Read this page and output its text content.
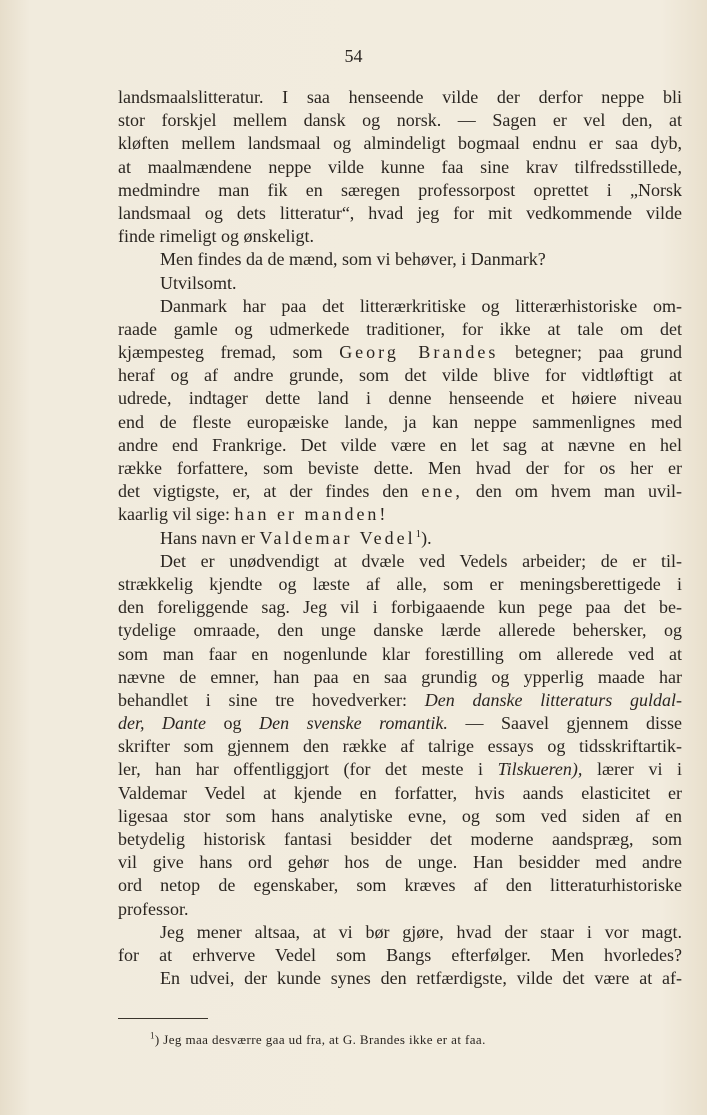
54
landsmaalslitteratur. I saa henseende vilde der derfor neppe bli
stor forskjel mellem dansk og norsk. — Sagen er vel den, at
kløften mellem landsmaal og almindeligt bogmaal endnu er saa dyb,
at maalmændene neppe vilde kunne faa sine krav tilfredsstillede,
medmindre man fik en særegen professorpost oprettet i „Norsk
landsmaal og dets litteratur“, hvad jeg for mit vedkommende vilde
finde rimeligt og ønskeligt.
Men findes da de mænd, som vi behøver, i Danmark?
Utvilsomt.
Danmark har paa det litterærkritiske og litterærhistoriske om-
raade gamle og udmerkede traditioner, for ikke at tale om det
kjæmpesteg fremad, som Georg Brandes betegner; paa grund
heraf og af andre grunde, som det vilde blive for vidtløftigt at
udrede, indtager dette land i denne henseende et høiere niveau
end de fleste europæiske lande, ja kan neppe sammenlignes med
andre end Frankrige. Det vilde være en let sag at nævne en hel
række forfattere, som beviste dette. Men hvad der for os her er
det vigtigste, er, at der findes den ene, den om hvem man uvil-
kaarlig vil sige: han er manden!
Hans navn er Valdemar Vedel$^1$).
Det er unødvendigt at dvæle ved Vedels arbeider; de er til-
strækkelig kjendte og læste af alle, som er meningsberettigede i
den foreliggende sag. Jeg vil i forbigaaende kun pege paa det be-
tydelige omraade, den unge danske lærde allerede behersker, og
som man faar en nogenlunde klar forestilling om allerede ved at
nævne de emner, han paa en saa grundig og ypperlig maade har
behandlet i sine tre hovedverker: Den danske litteraturs guldal-
der, Dante og Den svenske romantik. — Saavel gjennem disse
skrifter som gjennem den række af talrige essays og tidsskriftartik-
ler, han har offentliggjort (for det meste i Tilskueren), lærer vi i
Valdemar Vedel at kjende en forfatter, hvis aands elasticitet er
ligesaa stor som hans analytiske evne, og som ved siden af en
betydelig historisk fantasi besidder det moderne aandspræg, som
vil give hans ord gehør hos de unge. Han besidder med andre
ord netop de egenskaber, som kræves af den litteraturhistoriske
professor.
Jeg mener altsaa, at vi bør gjøre, hvad der staar i vor magt.
for at erhverve Vedel som Bangs efterfølger. Men hvorledes?
En udvei, der kunde synes den retfærdigste, vilde det være at af-
$^1$) Jeg maa desværre gaa ud fra, at G. Brandes ikke er at faa.
